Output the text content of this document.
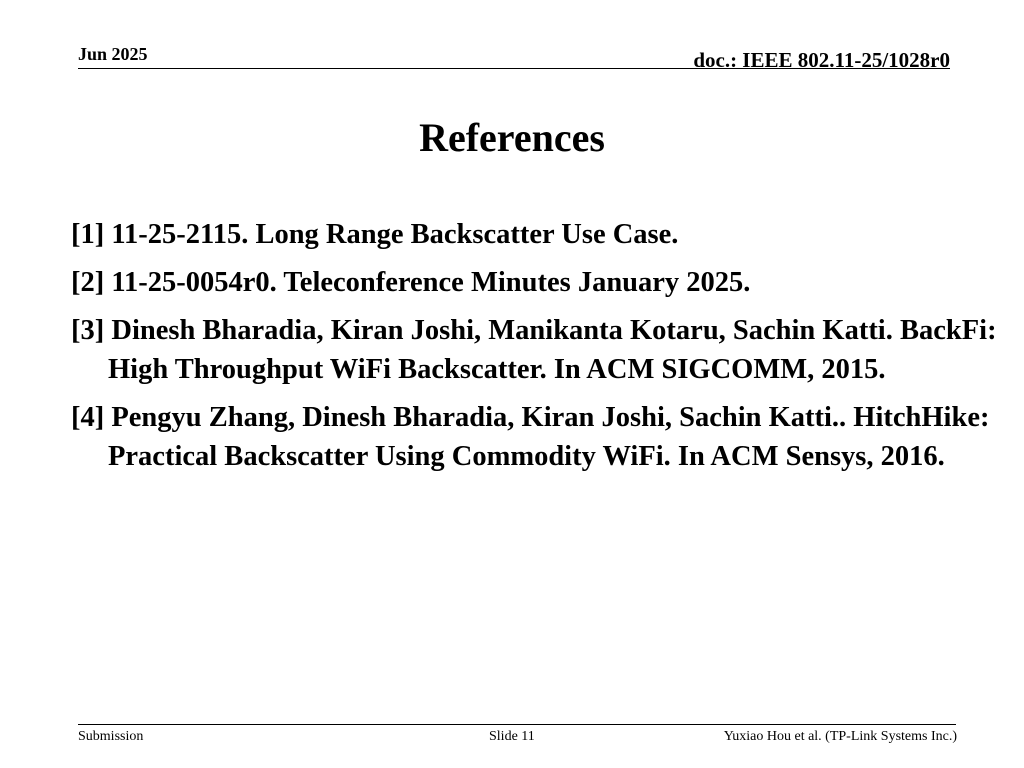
Jun 2025	doc.: IEEE 802.11-25/1028r0
References
[1] 11-25-2115. Long Range Backscatter Use Case.
[2] 11-25-0054r0. Teleconference Minutes January 2025.
[3] Dinesh Bharadia, Kiran Joshi, Manikanta Kotaru, Sachin Katti. BackFi: High Throughput WiFi Backscatter. In ACM SIGCOMM, 2015.
[4] Pengyu Zhang, Dinesh Bharadia, Kiran Joshi, Sachin Katti.. HitchHike: Practical Backscatter Using Commodity WiFi. In ACM Sensys, 2016.
Submission	Slide 11	Yuxiao Hou et al. (TP-Link Systems Inc.)
